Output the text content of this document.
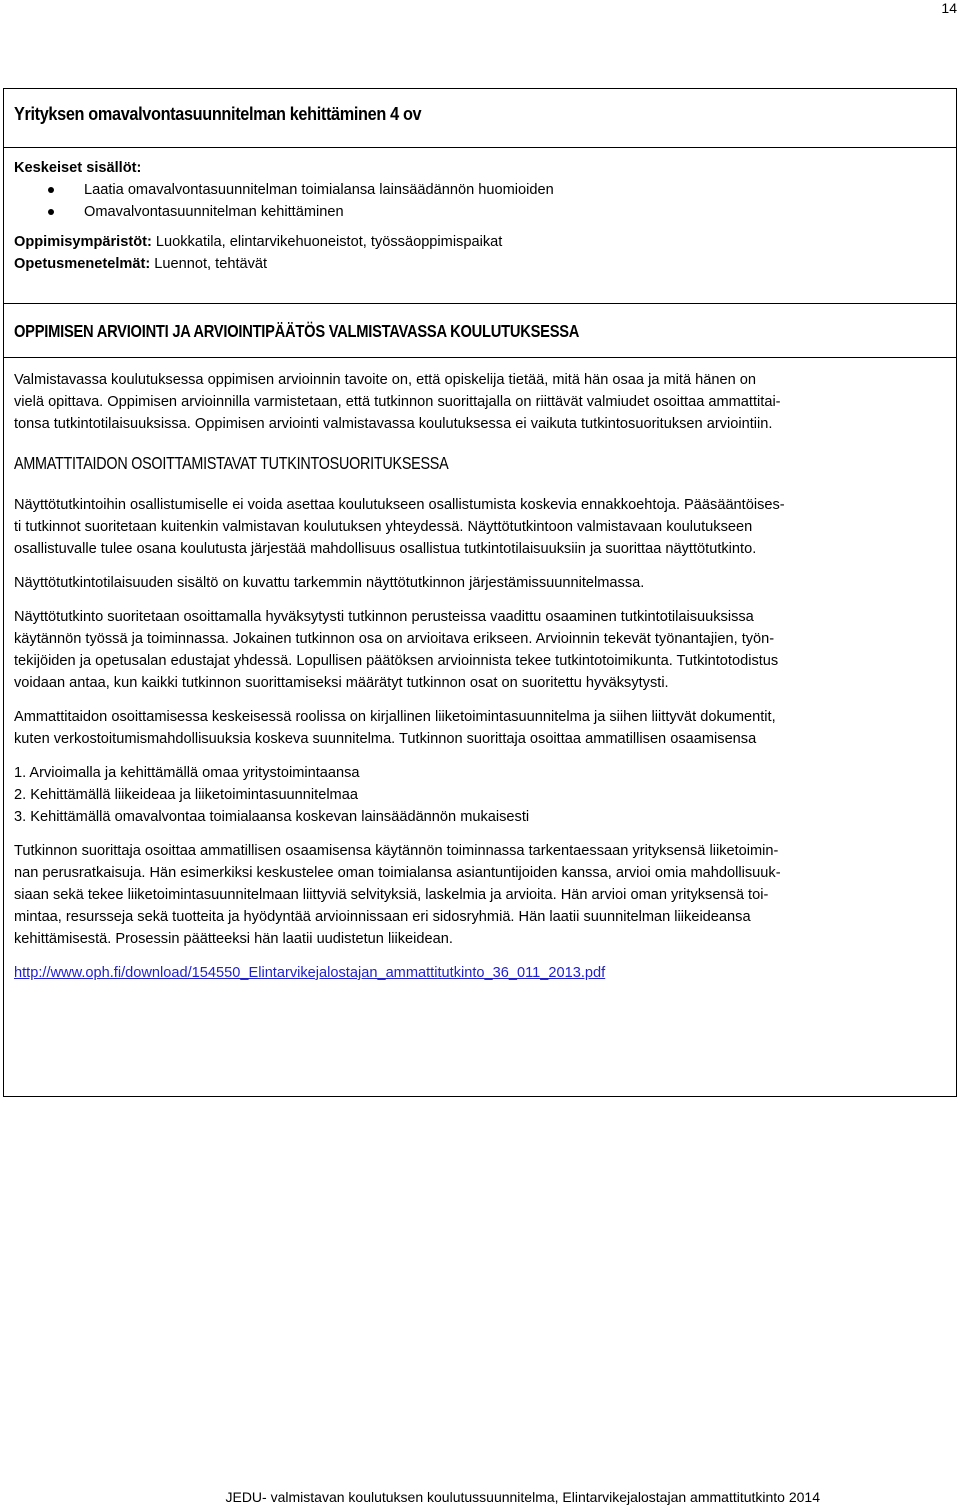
14
Yrityksen omavalvontasuunnitelman kehittäminen 4 ov

Keskeiset sisällöt:

Laatia omavalvontasuunnitelman toimialansa lainsäädännön huomioiden
Omavalvontasuunnitelman kehittäminen

Oppimisympäristöt: Luokkatila, elintarvikehuoneistot, työssäoppimispaikat

Opetusmenetelmät: Luennot, tehtävät

OPPIMISEN ARVIOINTI JA ARVIOINTIPÄÄTÖS VALMISTAVASSA KOULUTUKSESSA

Valmistavassa koulutuksessa oppimisen arvioinnin tavoite on, että opiskelija tietää, mitä hän osaa ja mitä hänen on
vielä opittava. Oppimisen arvioinnilla varmistetaan, että tutkinnon suorittajalla on riittävät valmiudet osoittaa ammattitai-
tonsa tutkintotilaisuuksissa. Oppimisen arviointi valmistavassa koulutuksessa ei vaikuta tutkintosuorituksen arviointiin.

AMMATTITAIDON OSOITTAMISTAVAT TUTKINTOSUORITUKSESSA

Näyttötutkintoihin osallistumiselle ei voida asettaa koulutukseen osallistumista koskevia ennakkoehtoja. Pääsääntöises-
ti tutkinnot suoritetaan kuitenkin valmistavan koulutuksen yhteydessä. Näyttötutkintoon valmistavaan koulutukseen
osallistuvalle tulee osana koulutusta järjestää mahdollisuus osallistua tutkintotilaisuuksiin ja suorittaa näyttötutkinto.

Näyttötutkintotilaisuuden sisältö on kuvattu tarkemmin näyttötutkinnon järjestämissuunnitelmassa.

Näyttötutkinto suoritetaan osoittamalla hyväksytysti tutkinnon perusteissa vaadittu osaaminen tutkintotilaisuuksissa
käytännön työssä ja toiminnassa. Jokainen tutkinnon osa on arvioitava erikseen. Arvioinnin tekevät työnantajien, työn-
tekijöiden ja opetusalan edustajat yhdessä. Lopullisen päätöksen arvioinnista tekee tutkintotoimikunta. Tutkintotodistus
voidaan antaa, kun kaikki tutkinnon suorittamiseksi määrätyt tutkinnon osat on suoritettu hyväksytysti.

Ammattitaidon osoittamisessa keskeisessä roolissa on kirjallinen liiketoimintasuunnitelma ja siihen liittyvät dokumentit,
kuten verkostoitumismahdollisuuksia koskeva suunnitelma. Tutkinnon suorittaja osoittaa ammatillisen osaamisensa

1. Arvioimalla ja kehittämällä omaa yritystoimintaansa
2. Kehittämällä liikeideaa ja liiketoimintasuunnitelmaa
3. Kehittämällä omavalvontaa toimialaansa koskevan lainsäädännön mukaisesti

Tutkinnon suorittaja osoittaa ammatillisen osaamisensa käytännön toiminnassa tarkentaessaan yrityksensä liiketoimin-
nan perusratkaisuja. Hän esimerkiksi keskustelee oman toimialansa asiantuntijoiden kanssa, arvioi omia mahdollisuuk-
siaan sekä tekee liiketoimintasuunnitelmaan liittyviä selvityksiä, laskelmia ja arvioita. Hän arvioi oman yrityksensä toi-
mintaa, resursseja sekä tuotteita ja hyödyntää arvioinnissaan eri sidosryhmiä. Hän laatii suunnitelman liikeideansa
kehittämisestä. Prosessin päätteeksi hän laatii uudistetun liikeidean.

http://www.oph.fi/download/154550_Elintarvikejalostajan_ammattitutkinto_36_011_2013.pdf

JEDU- valmistavan koulutuksen koulutussuunnitelma, Elintarvikejalostajan ammattitutkinto 2014
